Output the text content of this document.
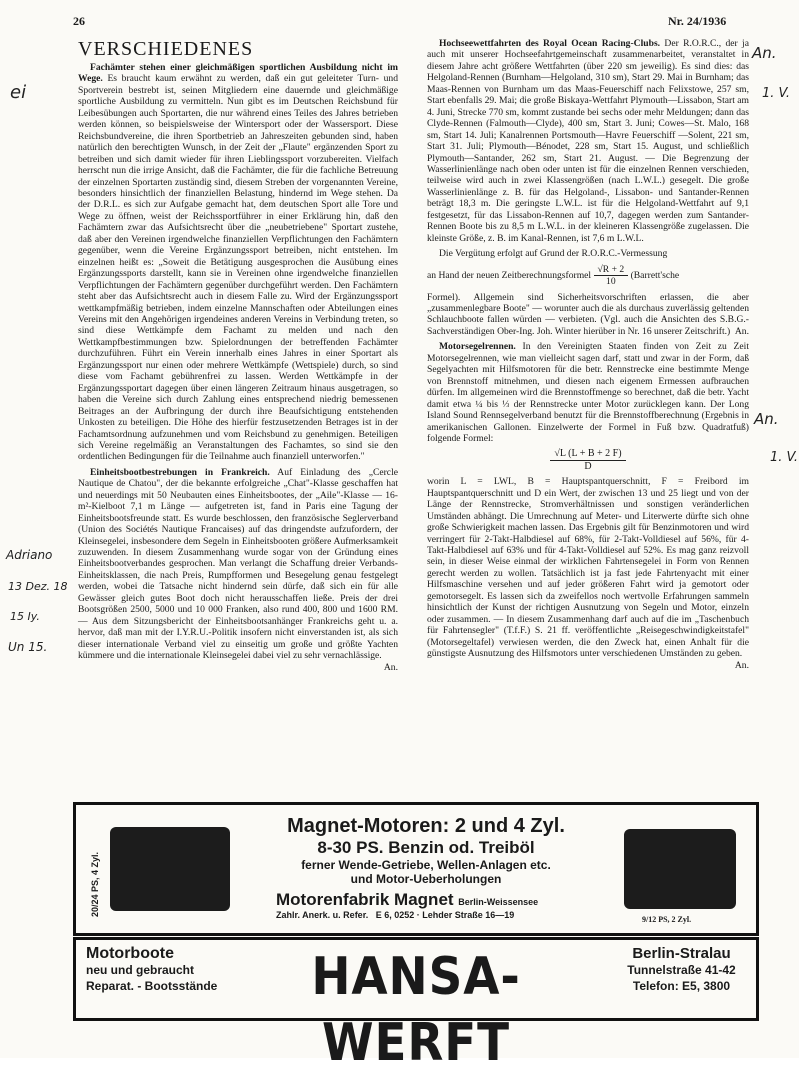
26	Nr. 24/1936
VERSCHIEDENES

Fachämter stehen einer gleichmäßigen sportlichen Ausbildung nicht im Wege. Es braucht kaum erwähnt zu werden, daß ein gut geleiteter Turn- und Sportverein bestrebt ist, seinen Mitgliedern eine dauernde und gleichmäßige sportliche Ausbildung zu vermitteln. Nun gibt es im Deutschen Reichsbund für Leibesübungen auch Sportarten, die nur während eines Teiles des Jahres betrieben werden können, so beispielsweise der Wintersport oder der Wassersport. Diese Reichsbundvereine, die ihren Sportbetrieb an Jahreszeiten gebunden sind, haben natürlich den berechtigten Wunsch, in der Zeit der „Flaute" ergänzenden Sport zu betreiben und sich damit wieder für ihren Lieblingssport vorzubereiten. Vielfach herrscht nun die irrige Ansicht, daß die Fachämter, die für die fachliche Betreuung der einzelnen Sportarten zuständig sind, diesem Streben der vorgenannten Vereine, besonders hinsichtlich der finanziellen Belastung, hindernd im Wege stehen. Da der D.R.L. es sich zur Aufgabe gemacht hat, dem deutschen Sport alle Tore und Wege zu öffnen, weist der Reichssportführer in einer Erklärung hin, daß den Fachämtern zwar das Aufsichtsrecht über die „neubetriebene" Sportart zustehe, daß aber den Vereinen irgendwelche finanziellen Verpflichtungen den Fachämtern gegenüber, wenn die Vereine Ergänzungssport betreiben, nicht entstehen. Im einzelnen heißt es: „Soweit die Betätigung ausgesprochen die Ausübung eines Ergänzungssports darstellt, kann sie in Vereinen ohne irgendwelche finanziellen Verpflichtungen der Fachämtern gegenüber durchgeführt werden. Den Fachämtern steht aber das Aufsichtsrecht auch in diesem Falle zu. Wird der Ergänzungssport wettkampfmäßig betrieben, indem einzelne Mannschaften oder Abteilungen eines Vereins mit den Angehörigen irgendeines anderen Vereins in Verbindung treten, so sind diese Wettkämpfe dem Fachamt zu melden und nach den Wettkampfbestimmungen bzw. Spielordnungen der betreffenden Fachämter durchzuführen. Führt ein Verein innerhalb eines Jahres in einer Sportart als Ergänzungssport nur einen oder mehrere Wettkämpfe (Wettspiele) durch, so sind diese vom Fachamt gebührenfrei zu lassen. Werden Wettkämpfe in der Ergänzungssportart dagegen über einen längeren Zeitraum hinaus ausgetragen, so haben die Vereine sich durch Zahlung eines entsprechend niedrig bemessenen Beitrages an der Aufbringung der durch ihre Beaufsichtigung entstehenden Unkosten zu beteiligen. Die Höhe des hierfür festzusetzenden Betrages ist in der Fachamtsordnung aufzunehmen und vom Reichsbund zu genehmigen. Beteiligen sich Vereine regelmäßig an Veranstaltungen des Fachamtes, so sind sie den ordentlichen Bedingungen für die Teilnahme auch finanziell unterworfen."

Einheitsbootbestrebungen in Frankreich. Auf Einladung des „Cercle Nautique de Chatou", der die bekannte erfolgreiche „Chat"-Klasse geschaffen hat und neuerdings mit 50 Neubauten eines Einheitsbootes, der „Aile"-Klasse — 16-m²-Kielboot 7,1 m Länge — aufgetreten ist, fand in Paris eine Tagung der Einheitsbootsfreunde statt. Es wurde beschlossen, den französische Seglerverband (Union des Sociétés Nautique Francaises) auf das dringendste aufzufordern, der Kleinsegelei, insbesondere dem Segeln in Einheitsbooten größere Aufmerksamkeit zuzuwenden. In diesem Zusammenhang wurde sogar von der Gründung eines Einheitsbootverbandes gesprochen. Man verlangt die Schaffung dreier Verbands-Einheitsklassen, die nach Preis, Rumpfformen und Besegelung genau festgelegt werden, wobei die Tatsache nicht hindernd sein dürfe, daß sich ein für alle Gewässer gleich gutes Boot doch nicht herausschaffen ließe. Preis der drei Bootsgrößen 2500, 5000 und 10 000 Franken, also rund 400, 800 und 1600 RM. — Aus dem Sitzungsbericht der Einheitsbootsanhänger Frankreichs geht u. a. hervor, daß man mit der I.Y.R.U.-Politik insofern nicht einverstanden ist, als sich dieser internationale Verband viel zu einseitig um große und größte Yachten kümmere und die internationale Kleinsegelei dabei viel zu sehr vernachlässige.
An.

Hochseewettfahrten des Royal Ocean Racing-Clubs. Der R.O.R.C., der ja auch mit unserer Hochseefahrtgemeinschaft zusammenarbeitet, veranstaltet in diesem Jahre acht größere Wettfahrten (über 220 sm jeweilig). Es sind dies: das Helgoland-Rennen (Burnham—Helgoland, 310 sm), Start 29. Mai in Burnham; das Maas-Rennen von Burnham um das Maas-Feuerschiff nach Felixstowe, 257 sm, Start ebenfalls 29. Mai; die große Biskaya-Wettfahrt Plymouth—Lissabon, Start am 4. Juni, Strecke 770 sm, kommt zustande bei sechs oder mehr Meldungen; dann das Clyde-Rennen (Falmouth—Clyde), 400 sm, Start 3. Juni; Cowes—St. Malo, 168 sm, Start 14. Juli; Kanalrennen Portsmouth—Havre Feuerschiff —Solent, 221 sm, Start 31. Juli; Plymouth—Bénodet, 228 sm, Start 15. August, und schließlich Plymouth—Santander, 262 sm, Start 21. August. — Die Begrenzung der Wasserlinienlänge nach oben oder unten ist für die einzelnen Rennen verschieden, teilweise wird auch in zwei Klassengrößen (nach L.W.L.) gesegelt. Die große Wasserlinienlänge z. B. für das Helgoland-, Lissabon- und Santander-Rennen beträgt 18,3 m. Die geringste L.W.L. ist für die Helgoland-Wettfahrt auf 9,1 festgesetzt, für das Lissabon-Rennen auf 10,7, dagegen werden zum Santander-Rennen Boote bis zu 8,5 m L.W.L. in der kleineren Klassengröße zugelassen. Die kleinste Größe, z. B. im Kanal-Rennen, ist 7,6 m L.W.L.

Die Vergütung erfolgt auf Grund der R.O.R.C.-Vermessung

an Hand der neuen Zeitberechnungsformel $\frac{√R + 2}{10}$ (Barrett'sche

Formel). Allgemein sind Sicherheitsvorschriften erlassen, die aber „zusammenlegbare Boote" — worunter auch die als durchaus zuverlässig geltenden Schlauchboote fallen würden — verbieten. (Vgl. auch die Ansichten des S.B.G.-Sachverständigen Ober-Ing. Joh. Winter hierüber in Nr. 16 unserer Zeitschrift.) An.

Motorsegelrennen. In den Vereinigten Staaten finden von Zeit zu Zeit Motorsegelrennen, wie man vielleicht sagen darf, statt und zwar in der Form, daß Segelyachten mit Hilfsmotoren für die betr. Rennstrecke eine bestimmte Menge von Brennstoff mitnehmen, und diesen nach eigenem Ermessen aufbrauchen dürfen. Im allgemeinen wird die Brennstoffmenge so berechnet, daß die betr. Yacht damit etwa ¼ bis ⅓ der Rennstrecke unter Motor zurücklegen kann. Der Long Island Sound Rennsegelverband benutzt für die Brennstoffberechnung (Ergebnis in amerikanischen Gallonen. Einzelwerte der Formel in Fuß bzw. Quadratfuß) folgende Formel:

$\frac{√L (L + B + 2 F)}{D}$

worin L = LWL, B = Hauptspantquerschnitt, F = Freibord im Hauptspantquerschnitt und D ein Wert, der zwischen 13 und 25 liegt und von der Länge der Rennstrecke, Stromverhältnissen und sonstigen veränderlichen Umständen abhängt. Die Umrechnung auf Meter- und Literwerte dürfte sich ohne große Schwierigkeit machen lassen. Das Ergebnis gilt für Benzinmotoren und wird verringert für 2-Takt-Halbdiesel auf 68%, für 2-Takt-Volldiesel auf 56%, für 4-Takt-Halbdiesel auf 63% und für 4-Takt-Volldiesel auf 52%. Es mag ganz reizvoll sein, in dieser Weise einmal der wirklichen Fahrtensegelei in Form von Rennen gerecht werden zu wollen. Tatsächlich ist ja fast jede Fahrtenyacht mit einer Hilfsmaschine versehen und auf jeder größeren Fahrt wird ja gemotort oder gemotorsegelt. Es lassen sich da zweifellos noch wertvolle Erfahrungen sammeln hinsichtlich der Kunst der richtigen Ausnutzung von Segeln und Motor, einzeln oder zusammen. — In diesem Zusammenhang darf auch auf die im „Taschenbuch für Fahrtensegler" (T.f.F.) S. 21 ff. veröffentlichte „Reisegeschwindigkeitstafel" (Motorsegeltafel) verwiesen werden, die den Zweck hat, einen Anhalt für die günstigste Ausnutzung des Hilfsmotors unter verschiedenen Umständen zu geben.
An.

ei
An.
1. V.
An.
1. V.
Adriano
13 Dez. 18
15 Iy.
Un 15.
20/24 PS, 4 Zyl.
Magnet-Motoren: 2 und 4 Zyl.
8-30 PS. Benzin od. Treiböl
ferner Wende-Getriebe, Wellen-Anlagen etc.
und Motor-Ueberholungen
Motorenfabrik Magnet Berlin-Weissensee
Zahlr. Anerk. u. Refer. E 6, 0252 · Lehder Straße 16—19	9/12 PS, 2 Zyl.
Motorboote
neu und gebraucht
Reparat. - Bootsstände	HANSA-WERFT
Berlin-Stralau
Tunnelstraße 41-42
Telefon: E5, 3800
